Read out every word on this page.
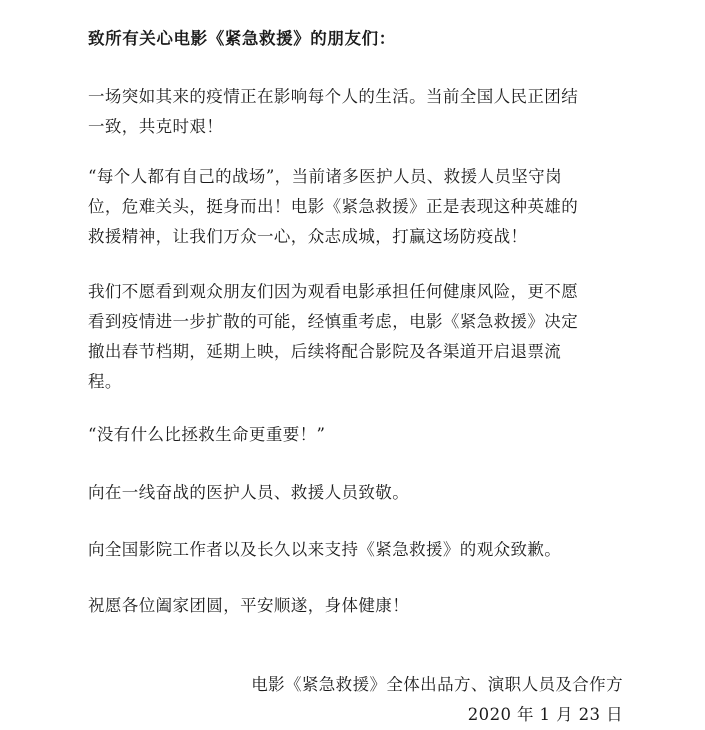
致所有关心电影《紧急救援》的朋友们：
一场突如其来的疫情正在影响每个人的生活。当前全国人民正团结
一致，共克时艰！
“每个人都有自己的战场”，当前诸多医护人员、救援人员坚守岗
位，危难关头，挺身而出！电影《紧急救援》正是表现这种英雄的
救援精神，让我们万众一心，众志成城，打赢这场防疫战！
我们不愿看到观众朋友们因为观看电影承担任何健康风险，更不愿
看到疫情进一步扩散的可能，经慎重考虑，电影《紧急救援》决定
撤出春节档期，延期上映，后续将配合影院及各渠道开启退票流
程。
“没有什么比拯救生命更重要！”
向在一线奋战的医护人员、救援人员致敬。
向全国影院工作者以及长久以来支持《紧急救援》的观众致歉。
祝愿各位阖家团圆，平安顺遂，身体健康！
电影《紧急救援》全体出品方、演职人员及合作方
2020 年 1 月 23 日
